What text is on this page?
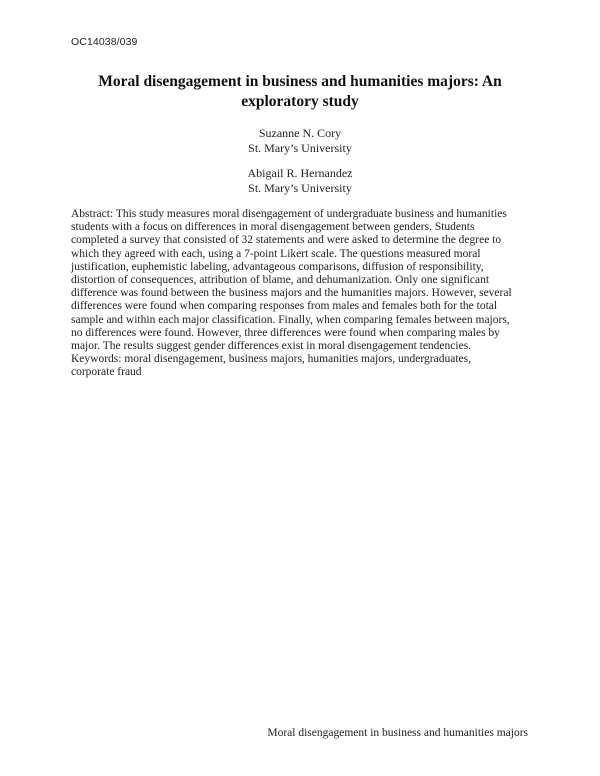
OC14038/039
Moral disengagement in business and humanities majors: An
exploratory study
Suzanne N. Cory
St. Mary’s University
Abigail R. Hernandez
St. Mary’s University
Abstract: This study measures moral disengagement of undergraduate business and humanities
students with a focus on differences in moral disengagement between genders. Students
completed a survey that consisted of 32 statements and were asked to determine the degree to
which they agreed with each, using a 7-point Likert scale. The questions measured moral
justification, euphemistic labeling, advantageous comparisons, diffusion of responsibility,
distortion of consequences, attribution of blame, and dehumanization. Only one significant
difference was found between the business majors and the humanities majors. However, several
differences were found when comparing responses from males and females both for the total
sample and within each major classification. Finally, when comparing females between majors,
no differences were found. However, three differences were found when comparing males by
major. The results suggest gender differences exist in moral disengagement tendencies.
Keywords: moral disengagement, business majors, humanities majors, undergraduates,
corporate fraud
Moral disengagement in business and humanities majors
